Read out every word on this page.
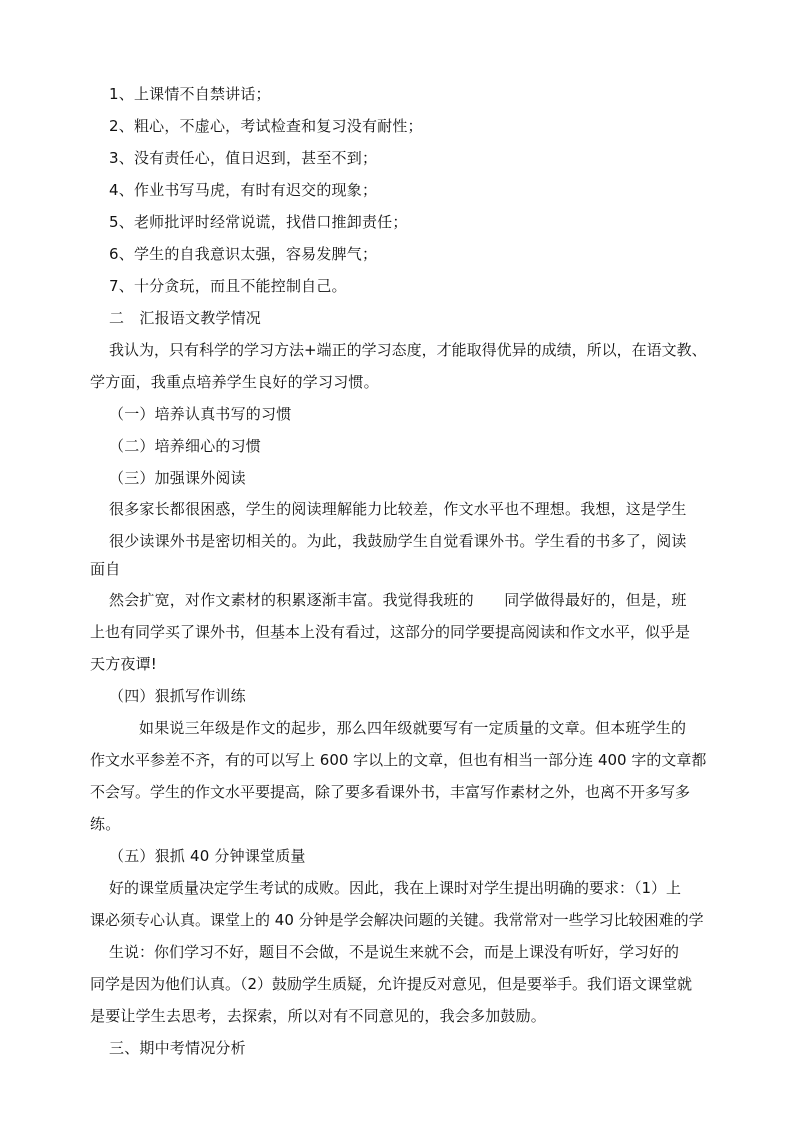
1、上课情不自禁讲话；
2、粗心，不虚心，考试检查和复习没有耐性；
3、没有责任心，值日迟到，甚至不到；
4、作业书写马虎，有时有迟交的现象；
5、老师批评时经常说谎，找借口推卸责任；
6、学生的自我意识太强，容易发脾气；
7、十分贪玩，而且不能控制自己。
二　汇报语文教学情况
我认为，只有科学的学习方法+端正的学习态度，才能取得优异的成绩，所以，在语文教、
学方面，我重点培养学生良好的学习习惯。
（一）培养认真书写的习惯
（二）培养细心的习惯
（三）加强课外阅读
很多家长都很困惑，学生的阅读理解能力比较差，作文水平也不理想。我想，这是学生
很少读课外书是密切相关的。为此，我鼓励学生自觉看课外书。学生看的书多了，阅读
面自
然会扩宽，对作文素材的积累逐渐丰富。我觉得我班的　　同学做得最好的，但是，班
上也有同学买了课外书，但基本上没有看过，这部分的同学要提高阅读和作文水平，似乎是
天方夜谭!
（四）狠抓写作训练
如果说三年级是作文的起步，那么四年级就要写有一定质量的文章。但本班学生的
作文水平参差不齐，有的可以写上 600 字以上的文章，但也有相当一部分连 400 字的文章都
不会写。学生的作文水平要提高，除了要多看课外书，丰富写作素材之外，也离不开多写多
练。
（五）狠抓 40 分钟课堂质量
好的课堂质量决定学生考试的成败。因此，我在上课时对学生提出明确的要求：（1）上
课必须专心认真。课堂上的 40 分钟是学会解决问题的关键。我常常对一些学习比较困难的学
生说：你们学习不好，题目不会做，不是说生来就不会，而是上课没有听好，学习好的
同学是因为他们认真。（2）鼓励学生质疑，允许提反对意见，但是要举手。我们语文课堂就
是要让学生去思考，去探索，所以对有不同意见的，我会多加鼓励。
三、期中考情况分析
